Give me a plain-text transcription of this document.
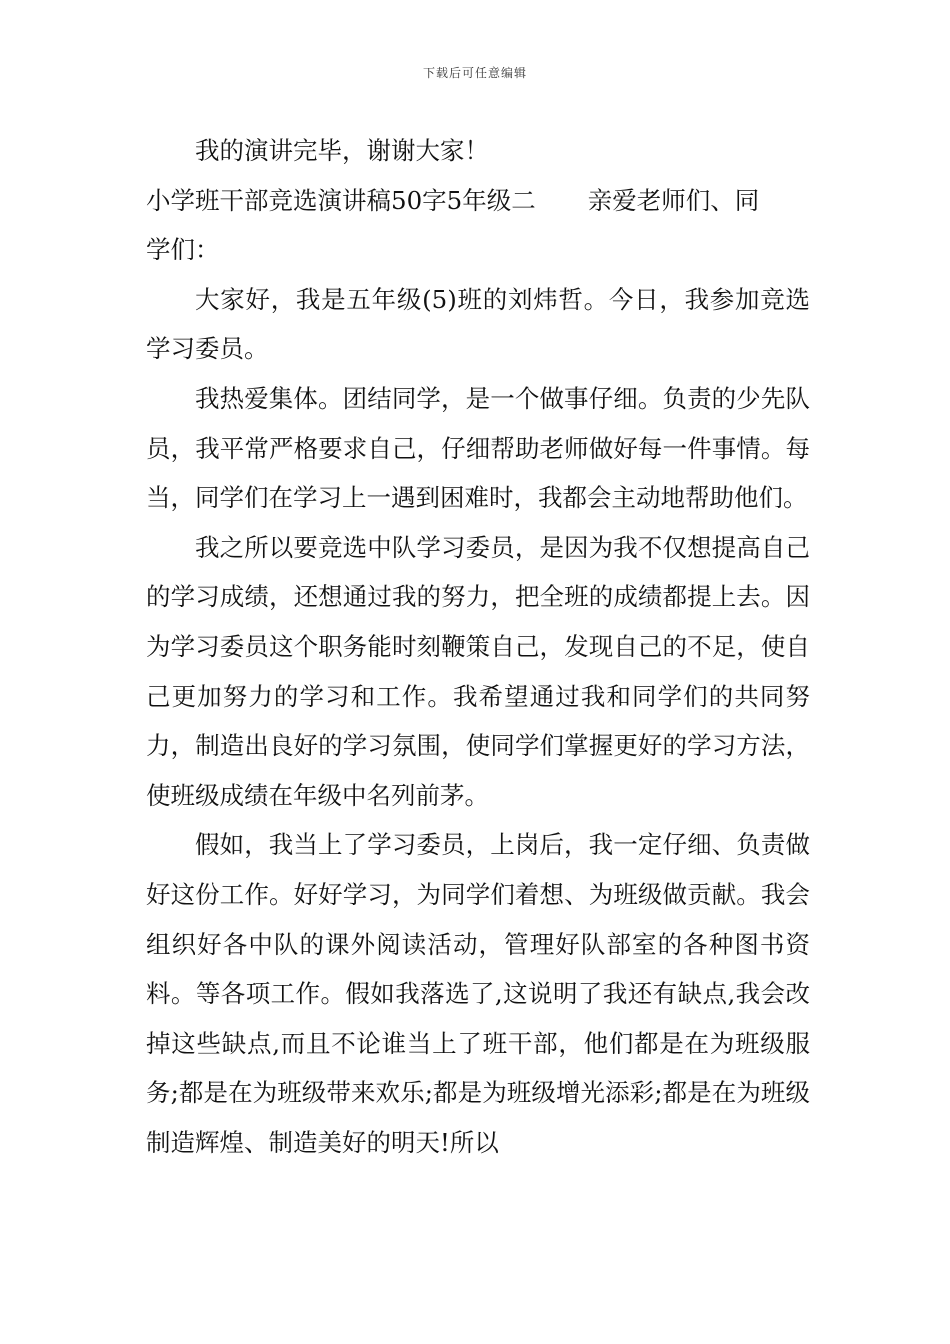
下载后可任意编辑

我的演讲完毕，谢谢大家！

小学班干部竞选演讲稿50字5年级二 亲爱老师们、同

学们：

大家好，我是五年级(5)班的刘炜哲。今日，我参加竞选学习委员。

我热爱集体。团结同学，是一个做事仔细。负责的少先队员，我平常严格要求自己，仔细帮助老师做好每一件事情。每当，同学们在学习上一遇到困难时，我都会主动地帮助他们。

我之所以要竞选中队学习委员，是因为我不仅想提高自己的学习成绩，还想通过我的努力，把全班的成绩都提上去。因为学习委员这个职务能时刻鞭策自己，发现自己的不足，使自己更加努力的学习和工作。我希望通过我和同学们的共同努力，制造出良好的学习氛围，使同学们掌握更好的学习方法，使班级成绩在年级中名列前茅。

假如，我当上了学习委员，上岗后，我一定仔细、负责做好这份工作。好好学习，为同学们着想、为班级做贡献。我会组织好各中队的课外阅读活动，管理好队部室的各种图书资料。等各项工作。假如我落选了,这说明了我还有缺点,我会改掉这些缺点,而且不论谁当上了班干部，他们都是在为班级服务;都是在为班级带来欢乐;都是为班级增光添彩;都是在为班级制造辉煌、制造美好的明天!所以
